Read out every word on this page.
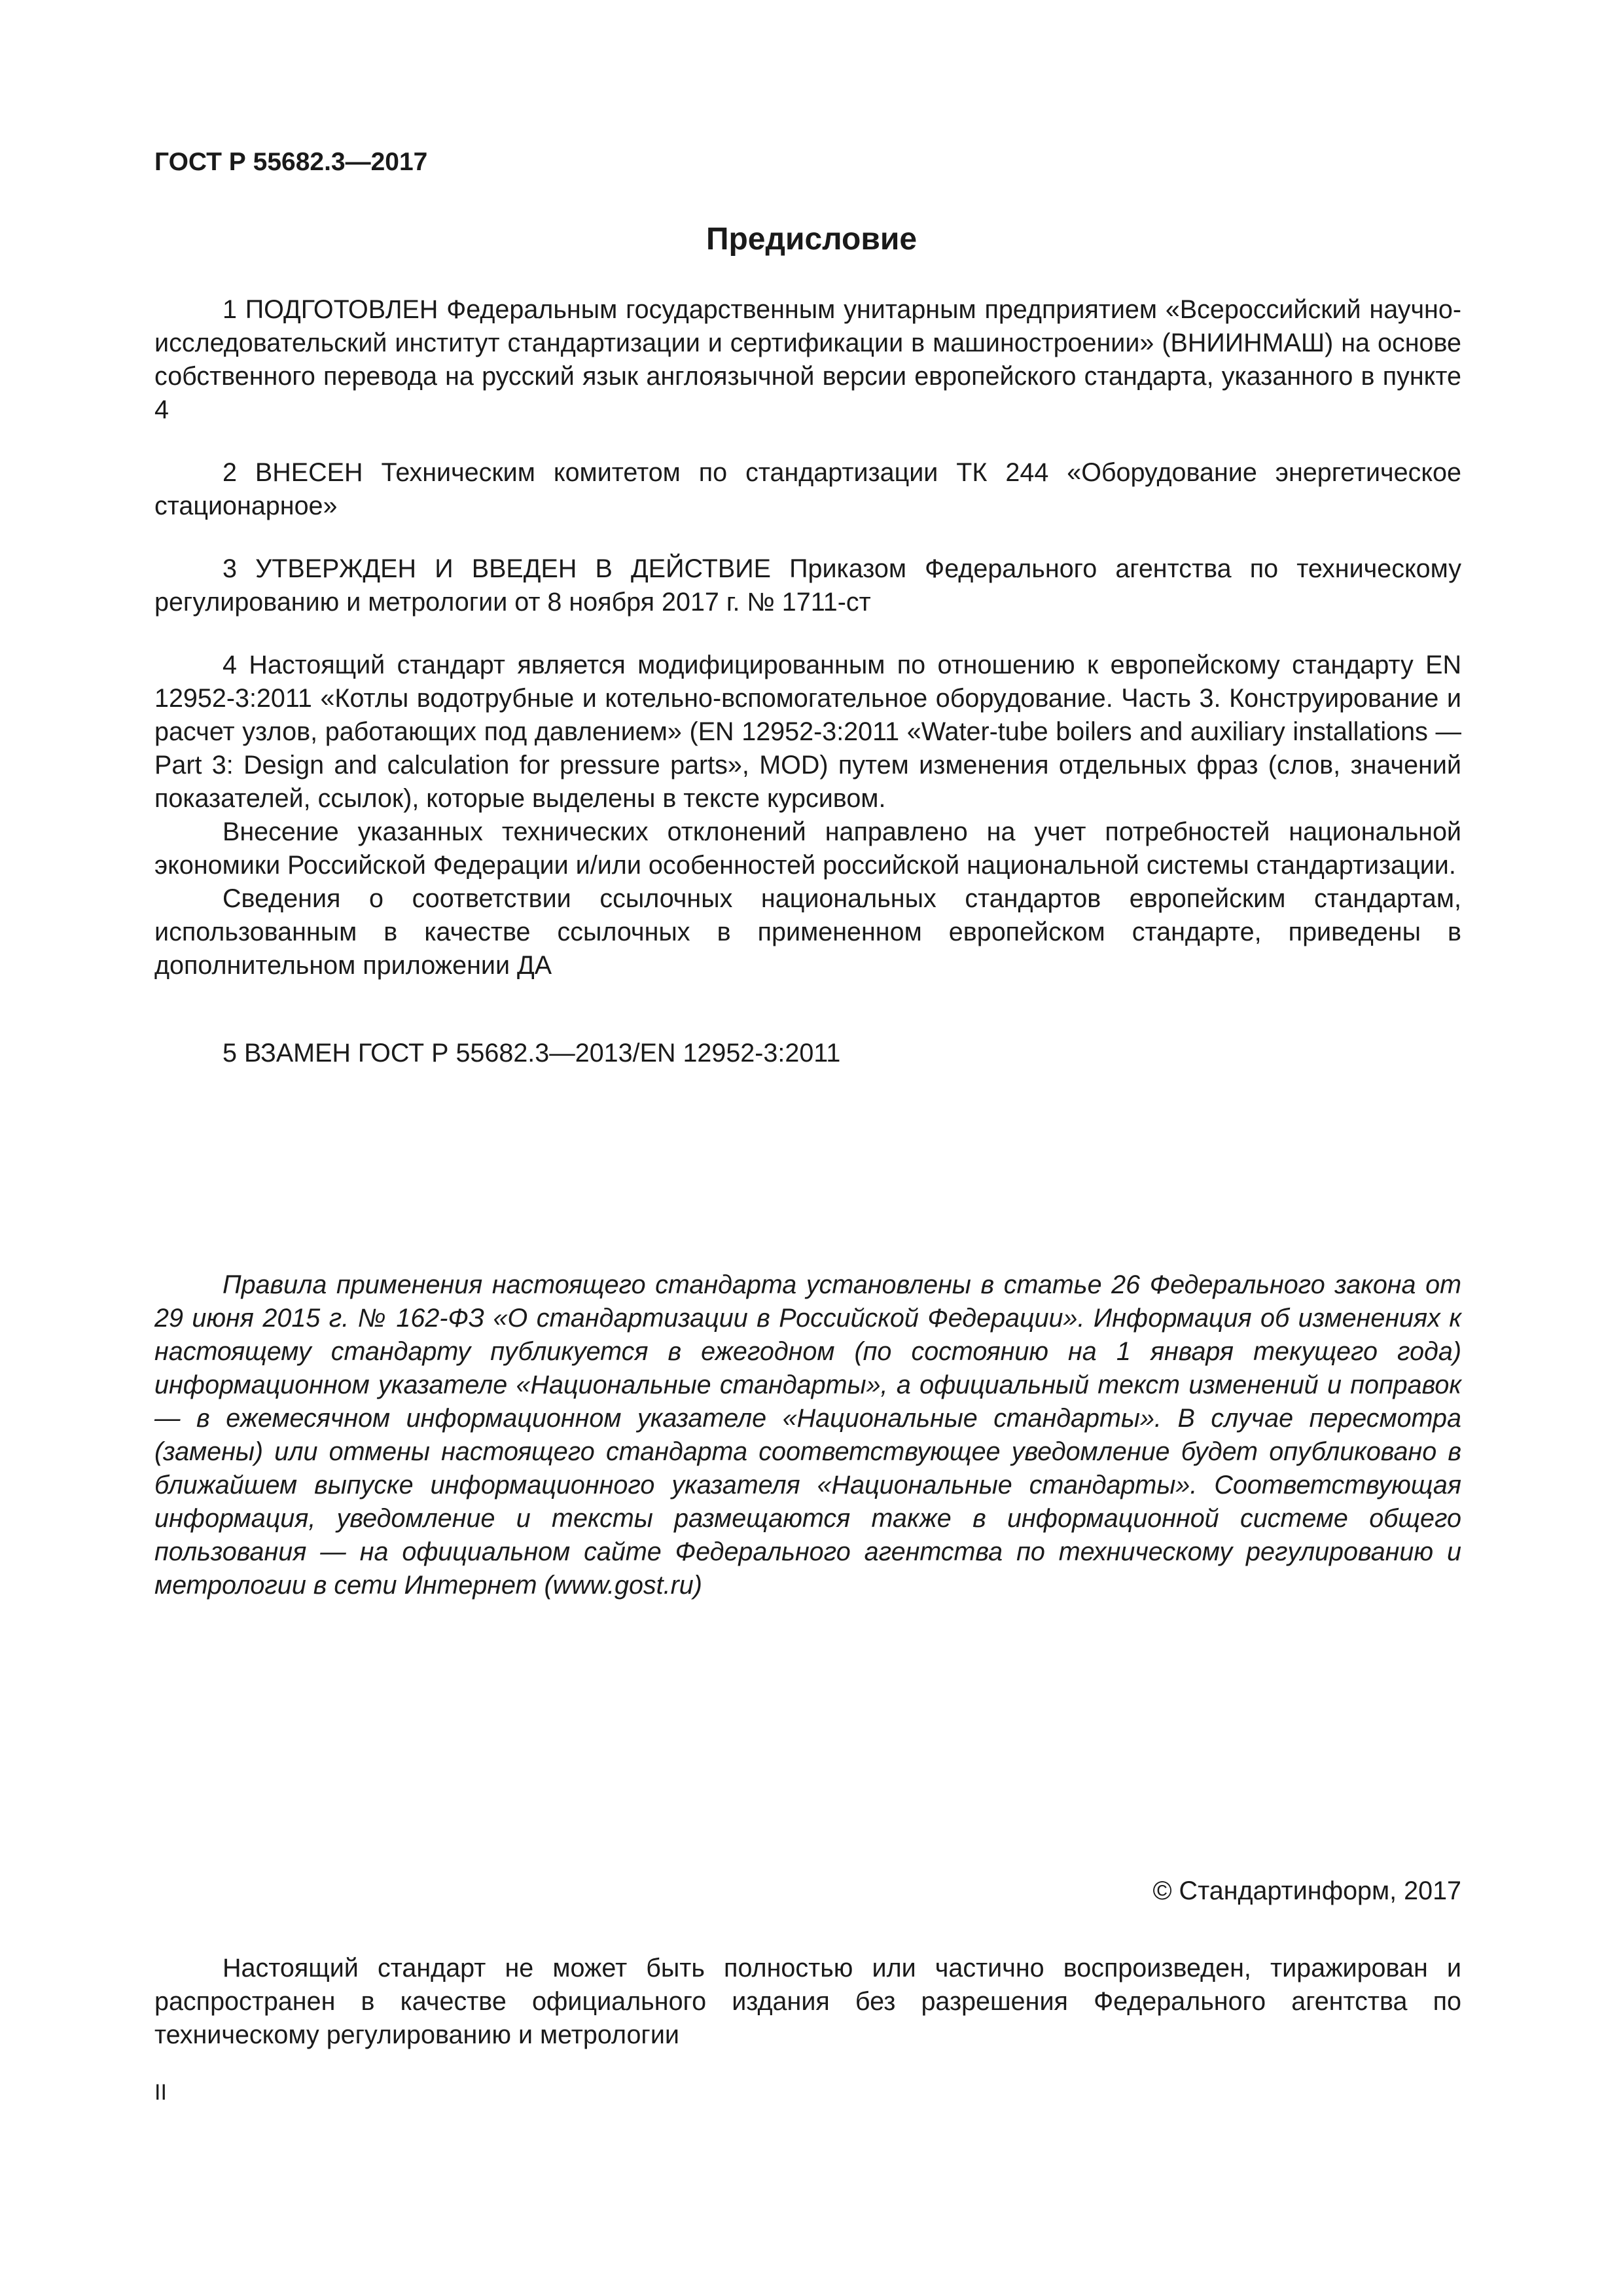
ГОСТ Р 55682.3—2017

Предисловие

1 ПОДГОТОВЛЕН Федеральным государственным унитарным предприятием «Всероссийский научно-исследовательский институт стандартизации и сертификации в машиностроении» (ВНИИНМАШ) на основе собственного перевода на русский язык англоязычной версии европейского стандарта, указанного в пункте 4

2 ВНЕСЕН Техническим комитетом по стандартизации ТК 244 «Оборудование энергетическое стационарное»

3 УТВЕРЖДЕН И ВВЕДЕН В ДЕЙСТВИЕ Приказом Федерального агентства по техническому регулированию и метрологии от 8 ноября 2017 г. № 1711-ст

4 Настоящий стандарт является модифицированным по отношению к европейскому стандарту EN 12952-3:2011 «Котлы водотрубные и котельно-вспомогательное оборудование. Часть 3. Конструирование и расчет узлов, работающих под давлением» (EN 12952-3:2011 «Water-tube boilers and auxiliary installations — Part 3: Design and calculation for pressure parts», MOD) путем изменения отдельных фраз (слов, значений показателей, ссылок), которые выделены в тексте курсивом.

Внесение указанных технических отклонений направлено на учет потребностей национальной экономики Российской Федерации и/или особенностей российской национальной системы стандартизации.

Сведения о соответствии ссылочных национальных стандартов европейским стандартам, использованным в качестве ссылочных в примененном европейском стандарте, приведены в дополнительном приложении ДА

5 ВЗАМЕН ГОСТ Р 55682.3—2013/EN 12952-3:2011

Правила применения настоящего стандарта установлены в статье 26 Федерального закона от 29 июня 2015 г. № 162-ФЗ «О стандартизации в Российской Федерации». Информация об изменениях к настоящему стандарту публикуется в ежегодном (по состоянию на 1 января текущего года) информационном указателе «Национальные стандарты», а официальный текст изменений и поправок — в ежемесячном информационном указателе «Национальные стандарты». В случае пересмотра (замены) или отмены настоящего стандарта соответствующее уведомление будет опубликовано в ближайшем выпуске информационного указателя «Национальные стандарты». Соответствующая информация, уведомление и тексты размещаются также в информационной системе общего пользования — на официальном сайте Федерального агентства по техническому регулированию и метрологии в сети Интернет (www.gost.ru)

© Стандартинформ, 2017

Настоящий стандарт не может быть полностью или частично воспроизведен, тиражирован и распространен в качестве официального издания без разрешения Федерального агентства по техническому регулированию и метрологии

II
